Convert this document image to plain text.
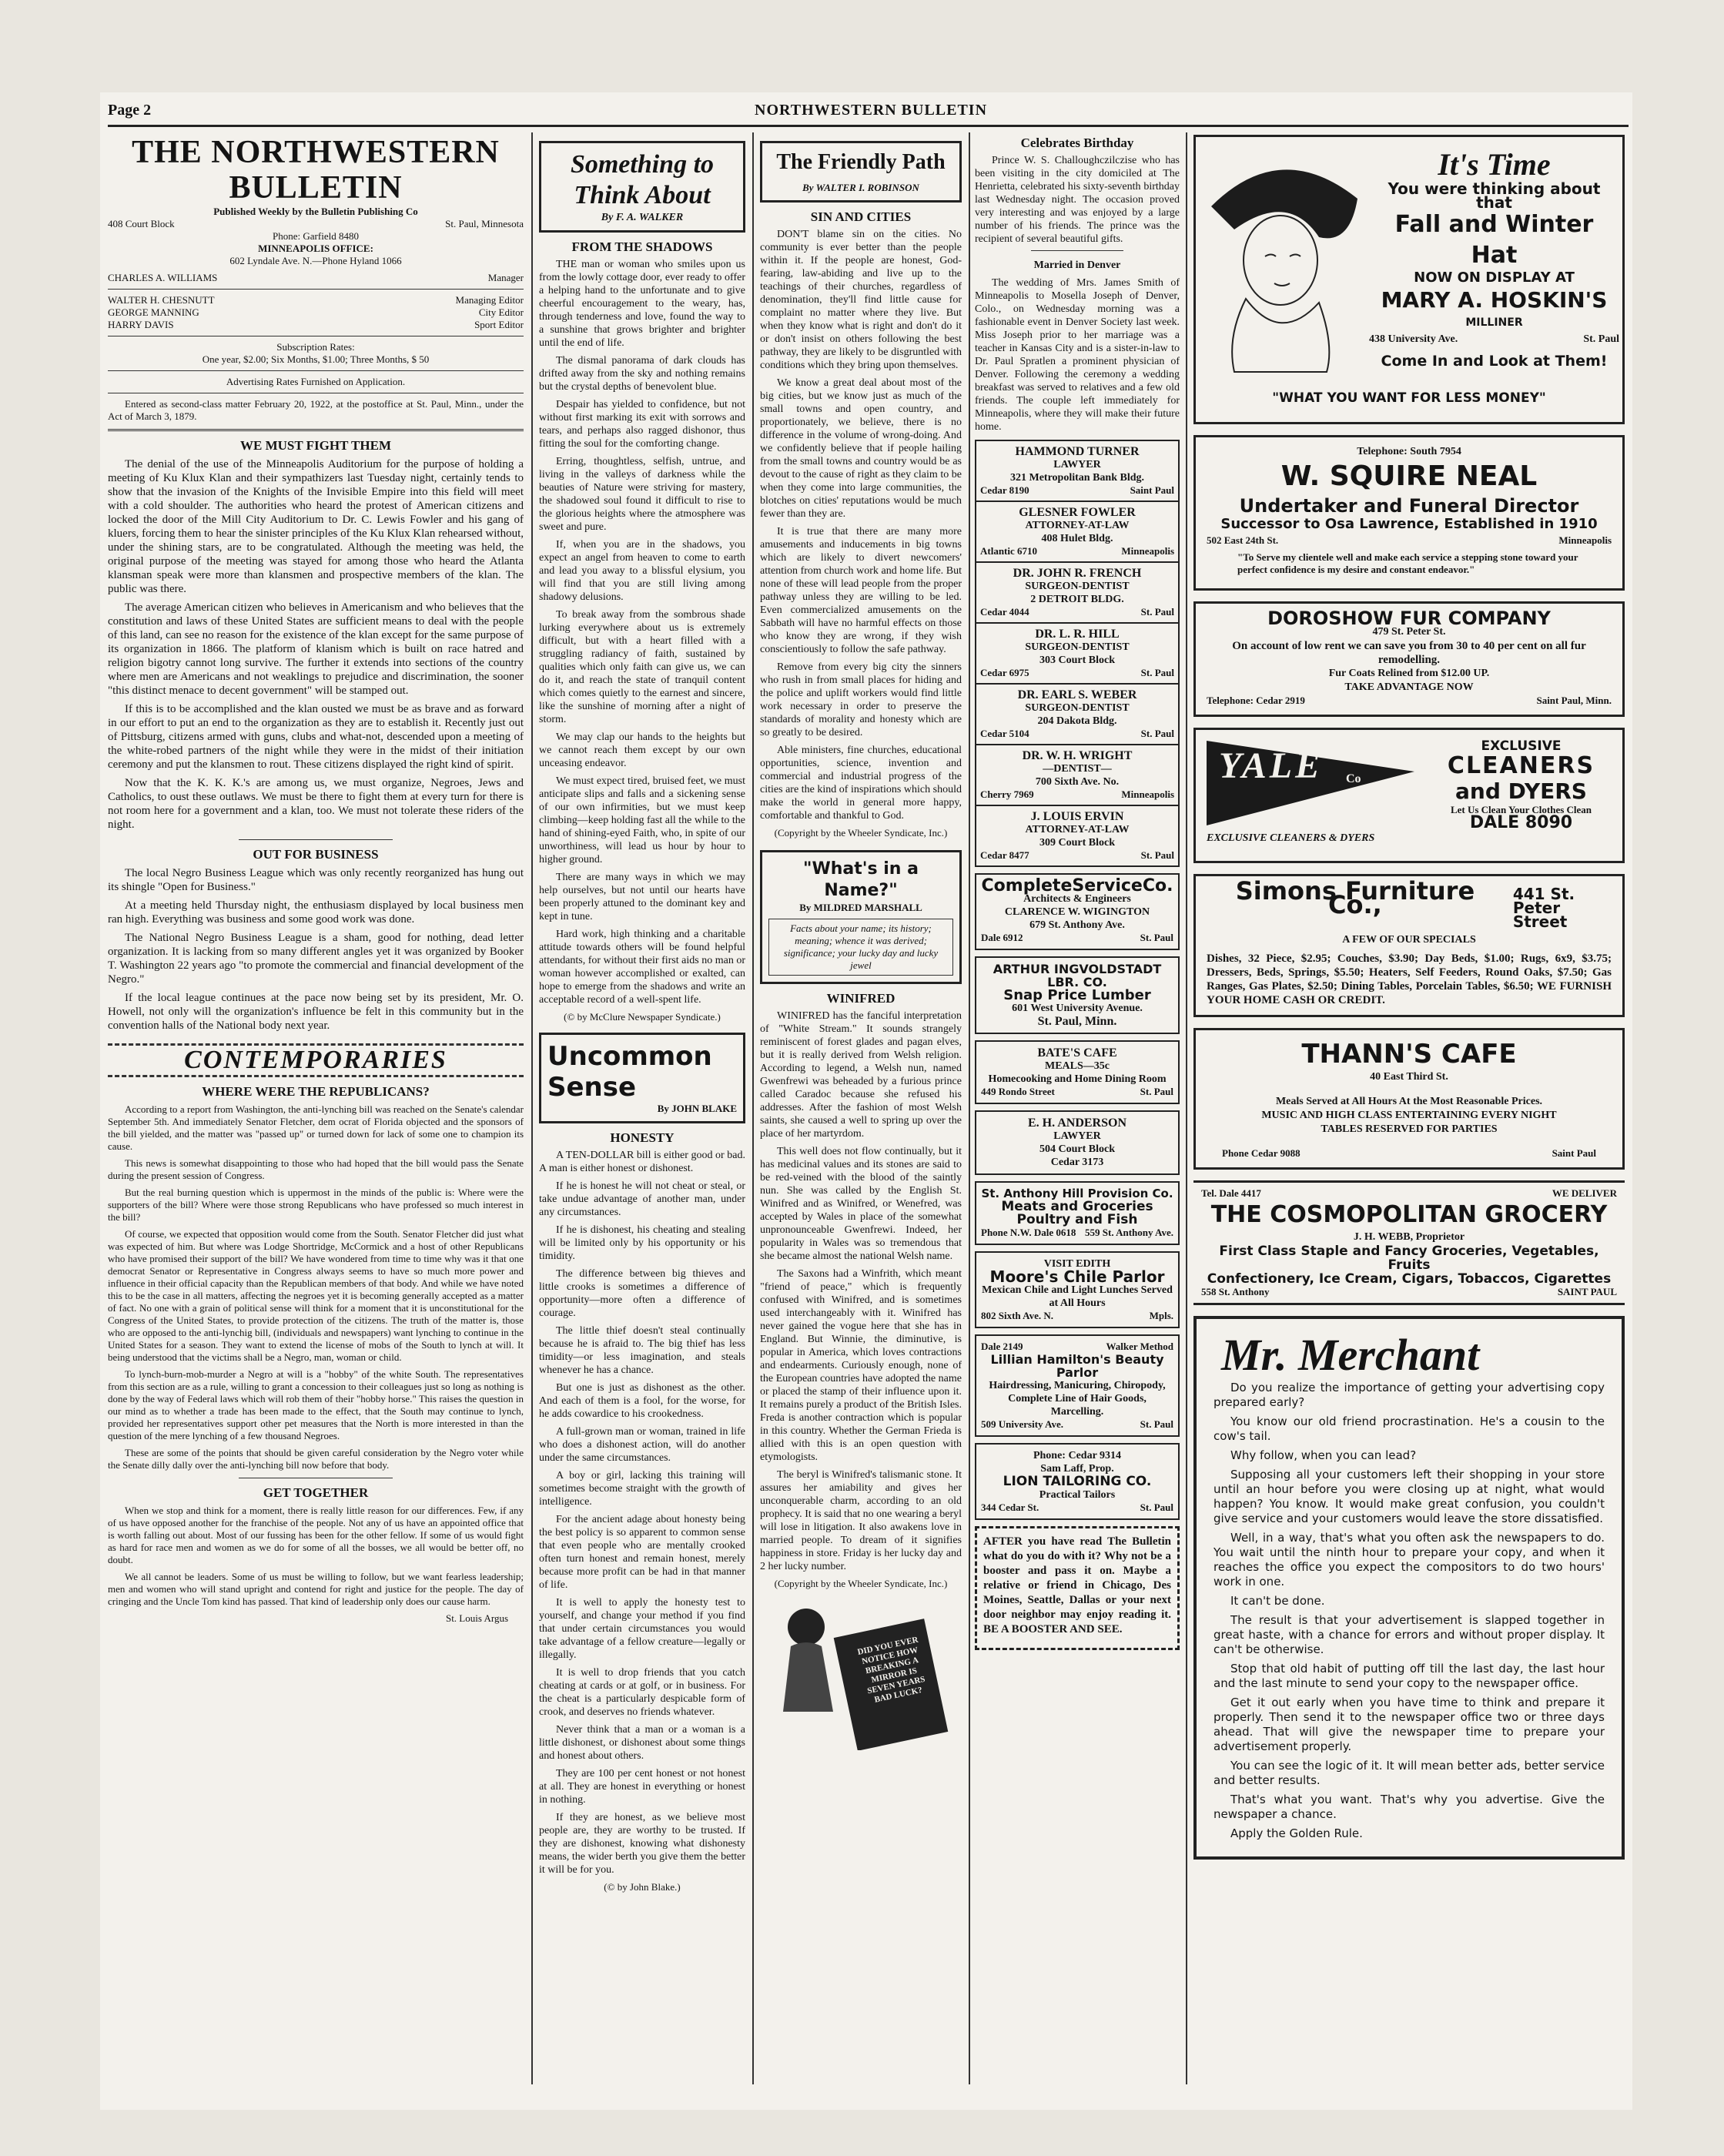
Page 2	NORTHWESTERN BULLETIN
THE NORTHWESTERN BULLETIN
Published Weekly by the Bulletin Publishing Co
408 Court Block	St. Paul, Minnesota
Phone: Garfield 8480
MINNEAPOLIS OFFICE:
602 Lyndale Ave. N.—Phone Hyland 1066
CHARLES A. WILLIAMS	Manager
WALTER H. CHESNUTT	Managing Editor
GEORGE MANNING	City Editor
HARRY DAVIS	Sport Editor
Subscription Rates:
One year, $2.00; Six Months, $1.00; Three Months, $ 50
Advertising Rates Furnished on Application.

Entered as second-class matter February 20, 1922, at the postoffice at St. Paul, Minn., under the Act of March 3, 1879.

WE MUST FIGHT THEM

The denial of the use of the Minneapolis Auditorium for the purpose of holding a meeting of Ku Klux Klan and their sympathizers last Tuesday night, certainly tends to show that the invasion of the Knights of the Invisible Empire into this field will meet with a cold shoulder. The authorities who heard the protest of American citizens and locked the door of the Mill City Auditorium to Dr. C. Lewis Fowler and his gang of kluers, forcing them to hear the sinister principles of the Ku Klux Klan rehearsed without, under the shining stars, are to be congratulated. Although the meeting was held, the original purpose of the meeting was stayed for among those who heard the Atlanta klansman speak were more than klansmen and prospective members of the klan. The public was there.

The average American citizen who believes in Americanism and who believes that the constitution and laws of these United States are sufficient means to deal with the people of this land, can see no reason for the existence of the klan except for the same purpose of its organization in 1866. The platform of klanism which is built on race hatred and religion bigotry cannot long survive. The further it extends into sections of the country where men are Americans and not weaklings to prejudice and discrimination, the sooner "this distinct menace to decent government" will be stamped out.

If this is to be accomplished and the klan ousted we must be as brave and as forward in our effort to put an end to the organization as they are to establish it. Recently just out of Pittsburg, citizens armed with guns, clubs and what-not, descended upon a meeting of the white-robed partners of the night while they were in the midst of their initiation ceremony and put the klansmen to rout. These citizens displayed the right kind of spirit.

Now that the K. K. K.'s are among us, we must organize, Negroes, Jews and Catholics, to oust these outlaws. We must be there to fight them at every turn for there is not room here for a government and a klan, too. We must not tolerate these riders of the night.

OUT FOR BUSINESS

The local Negro Business League which was only recently reorganized has hung out its shingle "Open for Business."

At a meeting held Thursday night, the enthusiasm displayed by local business men ran high. Everything was business and some good work was done.

The National Negro Business League is a sham, good for nothing, dead letter organization. It is lacking from so many different angles yet it was organized by Booker T. Washington 22 years ago "to promote the commercial and financial development of the Negro."

If the local league continues at the pace now being set by its president, Mr. O. Howell, not only will the organization's influence be felt in this community but in the convention halls of the National body next year.

CONTEMPORARIES
WHERE WERE THE REPUBLICANS?

According to a report from Washington, the anti-lynching bill was reached on the Senate's calendar September 5th. And immediately Senator Fletcher, dem ocrat of Florida objected and the sponsors of the bill yielded, and the matter was "passed up" or turned down for lack of some one to champion its cause.

This news is somewhat disappointing to those who had hoped that the bill would pass the Senate during the present session of Congress.

But the real burning question which is uppermost in the minds of the public is: Where were the supporters of the bill? Where were those strong Republicans who have professed so much interest in the bill?

Of course, we expected that opposition would come from the South. Senator Fletcher did just what was expected of him. But where was Lodge Shortridge, McCormick and a host of other Republicans who have promised their support of the bill? We have wondered from time to time why was it that one democrat Senator or Representative in Congress always seems to have so much more power and influence in their official capacity than the Republican members of that body. And while we have noted this to be the case in all matters, affecting the negroes yet it is becoming generally accepted as a matter of fact. No one with a grain of political sense will think for a moment that it is unconstitutional for the Congress of the United States, to provide protection of the citizens. The truth of the matter is, those who are opposed to the anti-lynchig bill, (individuals and newspapers) want lynching to continue in the United States for a season. They want to extend the license of mobs of the South to lynch at will. It being understood that the victims shall be a Negro, man, woman or child.

To lynch-burn-mob-murder a Negro at will is a "hobby" of the white South. The representatives from this section are as a rule, willing to grant a concession to their colleagues just so long as nothing is done by the way of Federal laws which will rob them of their "hobby horse." This raises the question in our mind as to whether a trade has been made to the effect, that the South may continue to lynch, provided her representatives support other pet measures that the North is more interested in than the question of the mere lynching of a few thousand Negroes.

These are some of the points that should be given careful consideration by the Negro voter while the Senate dilly dally over the anti-lynching bill now before that body.

GET TOGETHER

When we stop and think for a moment, there is really little reason for our differences. Few, if any of us have opposed another for the franchise of the people. Not any of us have an appointed office that is worth falling out about. Most of our fussing has been for the other fellow. If some of us would fight as hard for race men and women as we do for some of all the bosses, we all would be better off, no doubt.

We all cannot be leaders. Some of us must be willing to follow, but we want fearless leadership; men and women who will stand upright and contend for right and justice for the people. The day of cringing and the Uncle Tom kind has passed. That kind of leadership only does our cause harm.

St. Louis Argus
Something to Think About
By F. A. WALKER
FROM THE SHADOWS

THE man or woman who smiles upon us from the lowly cottage door, ever ready to offer a helping hand to the unfortunate and to give cheerful encouragement to the weary, has, through tenderness and love, found the way to a sunshine that grows brighter and brighter until the end of life.

The dismal panorama of dark clouds has drifted away from the sky and nothing remains but the crystal depths of benevolent blue.

Despair has yielded to confidence, but not without first marking its exit with sorrows and tears, and perhaps also ragged dishonor, thus fitting the soul for the comforting change.

Erring, thoughtless, selfish, untrue, and living in the valleys of darkness while the beauties of Nature were striving for mastery, the shadowed soul found it difficult to rise to the glorious heights where the atmosphere was sweet and pure.

If, when you are in the shadows, you expect an angel from heaven to come to earth and lead you away to a blissful elysium, you will find that you are still living among shadowy delusions.

To break away from the sombrous shade lurking everywhere about us is extremely difficult, but with a heart filled with a struggling radiancy of faith, sustained by qualities which only faith can give us, we can do it, and reach the state of tranquil content which comes quietly to the earnest and sincere, like the sunshine of morning after a night of storm.

We may clap our hands to the heights but we cannot reach them except by our own unceasing endeavor.

We must expect tired, bruised feet, we must anticipate slips and falls and a sickening sense of our own infirmities, but we must keep climbing—keep holding fast all the while to the hand of shining-eyed Faith, who, in spite of our unworthiness, will lead us hour by hour to higher ground.

There are many ways in which we may help ourselves, but not until our hearts have been properly attuned to the dominant key and kept in tune.

Hard work, high thinking and a charitable attitude towards others will be found helpful attendants, for without their first aids no man or woman however accomplished or exalted, can hope to emerge from the shadows and write an acceptable record of a well-spent life.

(© by McClure Newspaper Syndicate.)
Uncommon Sense
By JOHN BLAKE
HONESTY

A TEN-DOLLAR bill is either good or bad. A man is either honest or dishonest.

If he is honest he will not cheat or steal, or take undue advantage of another man, under any circumstances.

If he is dishonest, his cheating and stealing will be limited only by his opportunity or his timidity.

The difference between big thieves and little crooks is sometimes a difference of opportunity—more often a difference of courage.

The little thief doesn't steal continually because he is afraid to. The big thief has less timidity—or less imagination, and steals whenever he has a chance.

But one is just as dishonest as the other. And each of them is a fool, for the worse, for he adds cowardice to his crookedness.

A full-grown man or woman, trained in life who does a dishonest action, will do another under the same circumstances.

A boy or girl, lacking this training will sometimes become straight with the growth of intelligence.

For the ancient adage about honesty being the best policy is so apparent to common sense that even people who are mentally crooked often turn honest and remain honest, merely because more profit can be had in that manner of life.

It is well to apply the honesty test to yourself, and change your method if you find that under certain circumstances you would take advantage of a fellow creature—legally or illegally.

It is well to drop friends that you catch cheating at cards or at golf, or in business. For the cheat is a particularly despicable form of crook, and deserves no friends whatever.

Never think that a man or a woman is a little dishonest, or dishonest about some things and honest about others.

They are 100 per cent honest or not honest at all. They are honest in everything or honest in nothing.

If they are honest, as we believe most people are, they are worthy to be trusted. If they are dishonest, knowing what dishonesty means, the wider berth you give them the better it will be for you.

(© by John Blake.)
The Friendly Path
By WALTER I. ROBINSON
SIN AND CITIES

DON'T blame sin on the cities. No community is ever better than the people within it. If the people are honest, God-fearing, law-abiding and live up to the teachings of their churches, regardless of denomination, they'll find little cause for complaint no matter where they live. But when they know what is right and don't do it or don't insist on others following the best pathway, they are likely to be disgruntled with conditions which they bring upon themselves.

We know a great deal about most of the big cities, but we know just as much of the small towns and open country, and proportionately, we believe, there is no difference in the volume of wrong-doing. And we confidently believe that if people hailing from the small towns and country would be as devout to the cause of right as they claim to be when they come into large communities, the blotches on cities' reputations would be much fewer than they are.

It is true that there are many more amusements and inducements in big towns which are likely to divert newcomers' attention from church work and home life. But none of these will lead people from the proper pathway unless they are willing to be led. Even commercialized amusements on the Sabbath will have no harmful effects on those who know they are wrong, if they wish conscientiously to follow the safe pathway.

Remove from every big city the sinners who rush in from small places for hiding and the police and uplift workers would find little work necessary in order to preserve the standards of morality and honesty which are so greatly to be desired.

Able ministers, fine churches, educational opportunities, science, invention and commercial and industrial progress of the cities are the kind of inspirations which should make the world in general more happy, comfortable and thankful to God.

(Copyright by the Wheeler Syndicate, Inc.)
"What's in a Name?"
By MILDRED MARSHALL
Facts about your name; its history; meaning; whence it was derived; significance; your lucky day and lucky jewel
WINIFRED

WINIFRED has the fanciful interpretation of "White Stream." It sounds strangely reminiscent of forest glades and pagan elves, but it is really derived from Welsh religion. According to legend, a Welsh nun, named Gwenfrewi was beheaded by a furious prince called Caradoc because she refused his addresses. After the fashion of most Welsh saints, she caused a well to spring up over the place of her martyrdom.

This well does not flow continually, but it has medicinal values and its stones are said to be red-veined with the blood of the saintly nun. She was called by the English St. Winifred and as Winifred, or Wenefred, was accepted by Wales in place of the somewhat unpronounceable Gwenfrewi. Indeed, her popularity in Wales was so tremendous that she became almost the national Welsh name.

The Saxons had a Winfrith, which meant "friend of peace," which is frequently confused with Winifred, and is sometimes used interchangeably with it. Winifred has never gained the vogue here that she has in England. But Winnie, the diminutive, is popular in America, which loves contractions and endearments. Curiously enough, none of the European countries have adopted the name or placed the stamp of their influence upon it. It remains purely a product of the British Isles. Freda is another contraction which is popular in this country. Whether the German Frieda is allied with this is an open question with etymologists.

The beryl is Winifred's talismanic stone. It assures her amiability and gives her unconquerable charm, according to an old prophecy. It is said that no one wearing a beryl will lose in litigation. It also awakens love in married people. To dream of it signifies happiness in store. Friday is her lucky day and 2 her lucky number.

(Copyright by the Wheeler Syndicate, Inc.)
DID YOU EVER NOTICE HOW BREAKING A MIRROR IS SEVEN YEARS BAD LUCK?
Celebrates Birthday

Prince W. S. Challoughczilczise who has been visiting in the city domiciled at The Henrietta, celebrated his sixty-seventh birthday last Wednesday night. The occasion proved very interesting and was enjoyed by a large number of his friends. The prince was the recipient of several beautiful gifts.

Married in Denver

The wedding of Mrs. James Smith of Minneapolis to Mosella Joseph of Denver, Colo., on Wednesday morning was a fashionable event in Denver Society last week. Miss Joseph prior to her marriage was a teacher in Kansas City and is a sister-in-law to Dr. Paul Spratlen a prominent physician of Denver. Following the ceremony a wedding breakfast was served to relatives and a few old friends. The couple left immediately for Minneapolis, where they will make their future home.

HAMMOND TURNER
LAWYER
321 Metropolitan Bank Bldg.
Cedar 8190	Saint Paul
GLESNER FOWLER
ATTORNEY-AT-LAW
408 Hulet Bldg.
Atlantic 6710	Minneapolis
DR. JOHN R. FRENCH
SURGEON-DENTIST
2 DETROIT BLDG.
Cedar 4044	St. Paul
DR. L. R. HILL
SURGEON-DENTIST
303 Court Block
Cedar 6975	St. Paul
DR. EARL S. WEBER
SURGEON-DENTIST
204 Dakota Bldg.
Cedar 5104	St. Paul
DR. W. H. WRIGHT
—DENTIST—
700 Sixth Ave. No.
Cherry 7969	Minneapolis
J. LOUIS ERVIN
ATTORNEY-AT-LAW
309 Court Block
Cedar 8477	St. Paul
CompleteServiceCo.
Architects & Engineers
CLARENCE W. WIGINGTON
679 St. Anthony Ave.
Dale 6912	St. Paul
ARTHUR INGVOLDSTADT LBR. CO.
Snap Price Lumber
601 West University Avenue.
St. Paul, Minn.
BATE'S CAFE
MEALS—35c
Homecooking and Home Dining Room
449 Rondo Street	St. Paul
E. H. ANDERSON
LAWYER
504 Court Block
Cedar 3173
St. Anthony Hill Provision Co.
Meats and Groceries
Poultry and Fish
Phone N.W. Dale 0618 559 St. Anthony Ave.
VISIT EDITH
Moore's Chile Parlor
Mexican Chile and Light Lunches Served at All Hours
802 Sixth Ave. N.	Mpls.
Dale 2149	Walker Method
Lillian Hamilton's Beauty Parlor
Hairdressing, Manicuring, Chiropody, Complete Line of Hair Goods, Marcelling.
509 University Ave.	St. Paul
Phone: Cedar 9314
Sam Laff, Prop.
LION TAILORING CO.
Practical Tailors
344 Cedar St.	St. Paul

AFTER you have read The Bulletin what do you do with it? Why not be a booster and pass it on. Maybe a relative or friend in Chicago, Des Moines, Seattle, Dallas or your next door neighbor may enjoy reading it. BE A BOOSTER AND SEE.

It's Time
You were thinking about that
Fall and Winter Hat
NOW ON DISPLAY AT
MARY A. HOSKIN'S
MILLINER
438 University Ave.	St. Paul
Come In and Look at Them!
"WHAT YOU WANT FOR LESS MONEY"
Telephone: South 7954
W. SQUIRE NEAL
Undertaker and Funeral Director
Successor to Osa Lawrence, Established in 1910
502 East 24th St.	Minneapolis
"To Serve my clientele well and make each service a stepping stone toward your perfect confidence is my desire and constant endeavor."
DOROSHOW FUR COMPANY
479 St. Peter St.
On account of low rent we can save you from 30 to 40 per cent on all fur remodelling.
Fur Coats Relined from $12.00 UP.
TAKE ADVANTAGE NOW
Telephone: Cedar 2919	Saint Paul, Minn.
YALE Co
EXCLUSIVE CLEANERS & DYERS
EXCLUSIVE
CLEANERS
and DYERS
Let Us Clean Your Clothes Clean
DALE 8090
Simons Furniture Co.,	441 St. Peter Street
A FEW OF OUR SPECIALS
Dishes, 32 Piece, $2.95; Couches, $3.90; Day Beds, $1.00; Rugs, 6x9, $3.75; Dressers, Beds, Springs, $5.50; Heaters, Self Feeders, Round Oaks, $7.50; Gas Ranges, Gas Plates, $2.50; Dining Tables, Porcelain Tables, $6.50; WE FURNISH YOUR HOME CASH OR CREDIT.
THANN'S CAFE
40 East Third St.
Meals Served at All Hours At the Most Reasonable Prices.
MUSIC AND HIGH CLASS ENTERTAINING EVERY NIGHT
TABLES RESERVED FOR PARTIES
Phone Cedar 9088	Saint Paul
Tel. Dale 4417	WE DELIVER
THE COSMOPOLITAN GROCERY
J. H. WEBB, Proprietor
First Class Staple and Fancy Groceries, Vegetables, Fruits
Confectionery, Ice Cream, Cigars, Tobaccos, Cigarettes
558 St. Anthony	SAINT PAUL
Mr. Merchant

Do you realize the importance of getting your advertising copy prepared early?

You know our old friend procrastination. He's a cousin to the cow's tail.

Why follow, when you can lead?

Supposing all your customers left their shopping in your store until an hour before you were closing up at night, what would happen? You know. It would make great confusion, you couldn't give service and your customers would leave the store dissatisfied.

Well, in a way, that's what you often ask the newspapers to do. You wait until the ninth hour to prepare your copy, and when it reaches the office you expect the compositors to do two hours' work in one.

It can't be done.

The result is that your advertisement is slapped together in great haste, with a chance for errors and without proper display. It can't be otherwise.

Stop that old habit of putting off till the last day, the last hour and the last minute to send your copy to the newspaper office.

Get it out early when you have time to think and prepare it properly. Then send it to the newspaper office two or three days ahead. That will give the newspaper time to prepare your advertisement properly.

You can see the logic of it. It will mean better ads, better service and better results.

That's what you want. That's why you advertise. Give the newspaper a chance.

Apply the Golden Rule.
